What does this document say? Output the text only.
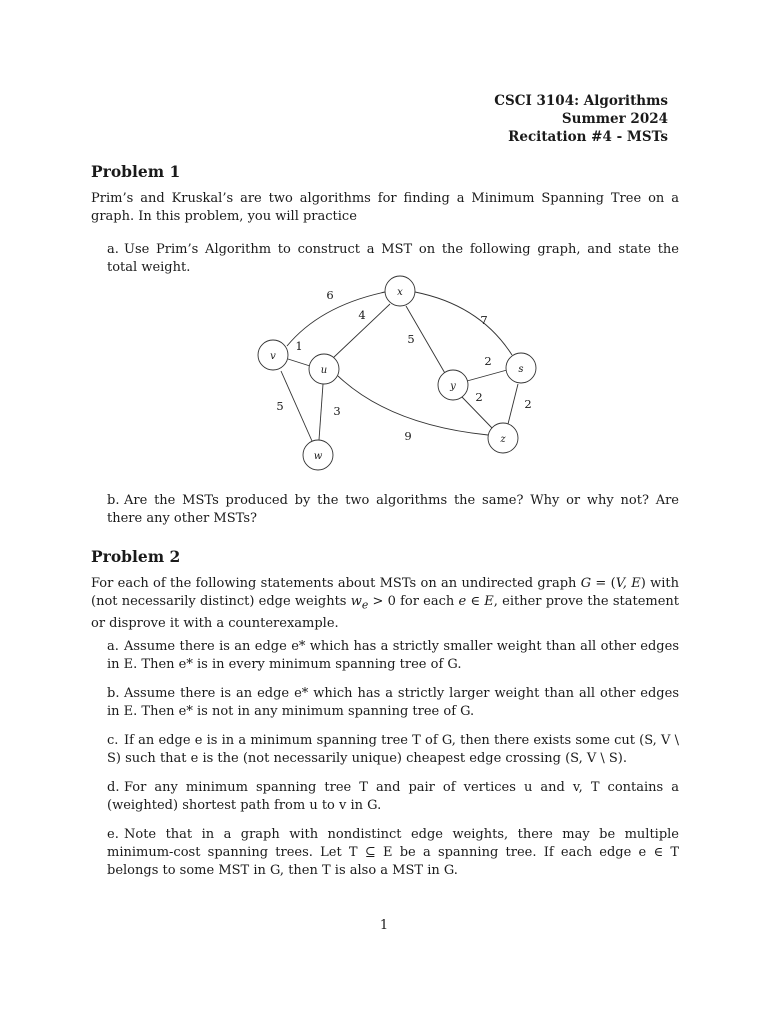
CSCI 3104: Algorithms
Summer 2024
Recitation #4 - MSTs
Problem 1
Prim’s and Kruskal’s are two algorithms for finding a Minimum Spanning Tree on a graph. In this problem, you will practice
a. Use Prim’s Algorithm to construct a MST on the following graph, and state the total weight.
x
v
u
y
s
z
w
6
4
5
7
1
2
2	2
5	3
9
b. Are the MSTs produced by the two algorithms the same? Why or why not? Are there any other MSTs?
Problem 2
For each of the following statements about MSTs on an undirected graph G = (V, E) with (not necessarily distinct) edge weights $w_e > 0$ for each e ∈ E, either prove the statement or disprove it with a counterexample.
a. Assume there is an edge e* which has a strictly smaller weight than all other edges in E. Then e* is in every minimum spanning tree of G.
b. Assume there is an edge e* which has a strictly larger weight than all other edges in E. Then e* is not in any minimum spanning tree of G.
c. If an edge e is in a minimum spanning tree T of G, then there exists some cut (S, V \ S) such that e is the (not necessarily unique) cheapest edge crossing (S, V \ S).
d. For any minimum spanning tree T and pair of vertices u and v, T contains a (weighted) shortest path from u to v in G.
e. Note that in a graph with nondistinct edge weights, there may be multiple minimum-cost spanning trees. Let T ⊆ E be a spanning tree. If each edge e ∈ T belongs to some MST in G, then T is also a MST in G.
1
